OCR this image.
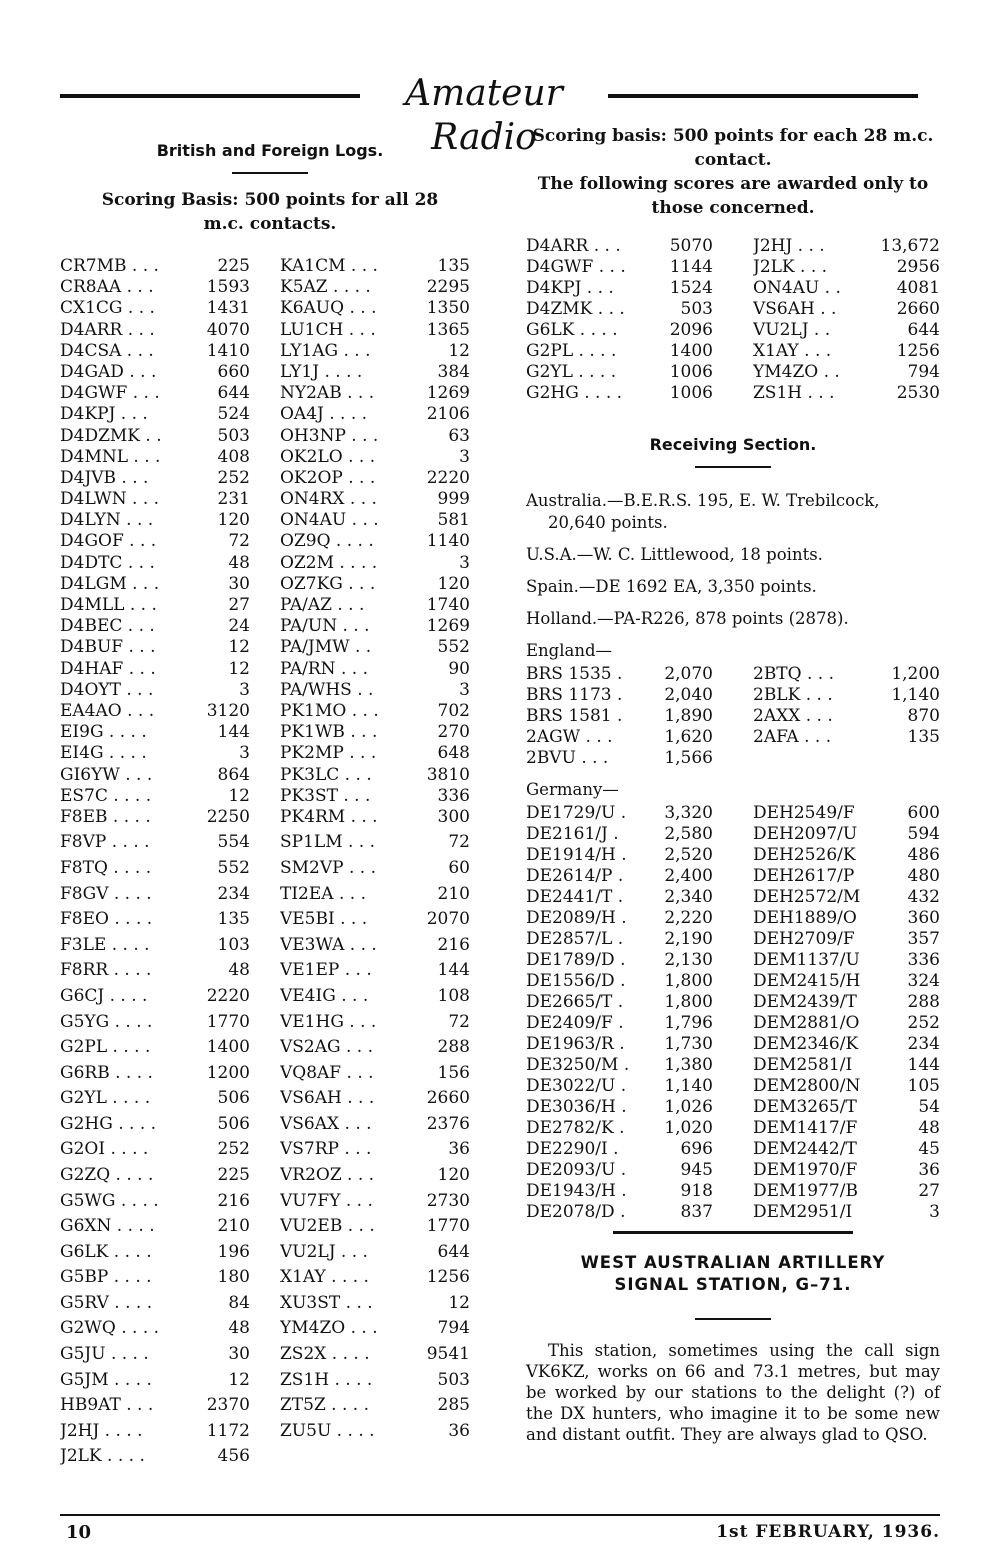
Amateur Radio
British and Foreign Logs.
Scoring Basis: 500 points for all 28 m.c. contacts.
CR7MB . . .	225
CR8AA . . .	1593
CX1CG . . .	1431
D4ARR . . .	4070
D4CSA . . .	1410
D4GAD . . .	660
D4GWF . . .	644
D4KPJ . . .	524
D4DZMK . .	503
D4MNL . . .	408
D4JVB . . .	252
D4LWN . . .	231
D4LYN . . .	120
D4GOF . . .	72
D4DTC . . .	48
D4LGM . . .	30
D4MLL . . .	27
D4BEC . . .	24
D4BUF . . .	12
D4HAF . . .	12
D4OYT . . .	3
EA4AO . . .	3120
EI9G . . . .	144
EI4G . . . .	3
GI6YW . . .	864
ES7C . . . .	12
F8EB . . . .	2250
F8VP . . . .	554
F8TQ . . . .	552
F8GV . . . .	234
F8EO . . . .	135
F3LE . . . .	103
F8RR . . . .	48
G6CJ . . . .	2220
G5YG . . . .	1770
G2PL . . . .	1400
G6RB . . . .	1200
G2YL . . . .	506
G2HG . . . .	506
G2OI . . . .	252
G2ZQ . . . .	225
G5WG . . . .	216
G6XN . . . .	210
G6LK . . . .	196
G5BP . . . .	180
G5RV . . . .	84
G2WQ . . . .	48
G5JU . . . .	30
G5JM . . . .	12
HB9AT . . .	2370
J2HJ . . . .	1172
J2LK . . . .	456
KA1CM . . .	135
K5AZ . . . .	2295
K6AUQ . . .	1350
LU1CH . . .	1365
LY1AG . . .	12
LY1J . . . .	384
NY2AB . . .	1269
OA4J . . . .	2106
OH3NP . . .	63
OK2LO . . .	3
OK2OP . . .	2220
ON4RX . . .	999
ON4AU . . .	581
OZ9Q . . . .	1140
OZ2M . . . .	3
OZ7KG . . .	120
PA/AZ . . .	1740
PA/UN . . .	1269
PA/JMW . .	552
PA/RN . . .	90
PA/WHS . .	3
PK1MO . . .	702
PK1WB . . .	270
PK2MP . . .	648
PK3LC . . .	3810
PK3ST . . .	336
PK4RM . . .	300
SP1LM . . .	72
SM2VP . . .	60
TI2EA . . .	210
VE5BI . . .	2070
VE3WA . . .	216
VE1EP . . .	144
VE4IG . . .	108
VE1HG . . .	72
VS2AG . . .	288
VQ8AF . . .	156
VS6AH . . .	2660
VS6AX . . .	2376
VS7RP . . .	36
VR2OZ . . .	120
VU7FY . . .	2730
VU2EB . . .	1770
VU2LJ . . .	644
X1AY . . . .	1256
XU3ST . . .	12
YM4ZO . . .	794
ZS2X . . . .	9541
ZS1H . . . .	503
ZT5Z . . . .	285
ZU5U . . . .	36
Scoring basis: 500 points for each 28 m.c. contact.
The following scores are awarded only to those concerned.
D4ARR . . .	5070
D4GWF . . .	1144
D4KPJ . . .	1524
D4ZMK . . .	503
G6LK . . . .	2096
G2PL . . . .	1400
G2YL . . . .	1006
G2HG . . . .	1006
J2HJ . . .	13,672
J2LK . . .	2956
ON4AU . .	4081
VS6AH . .	2660
VU2LJ . .	644
X1AY . . .	1256
YM4ZO . .	794
ZS1H . . .	2530
Receiving Section.

Australia.—B.E.R.S. 195, E. W. Trebilcock, 20,640 points.

U.S.A.—W. C. Littlewood, 18 points.

Spain.—DE 1692 EA, 3,350 points.

Holland.—PA-R226, 878 points (2878).

England—
BRS 1535 . 2,070
BRS 1173 . 2,040
BRS 1581 . 1,890
2AGW . . .	1,620
2BVU . . .	1,566
2BTQ . . .	1,200
2BLK . . .	1,140
2AXX . . .	870
2AFA . . .	135
Germany—
DE1729/U . 3,320
DE2161/J .	2,580
DE1914/H . 2,520
DE2614/P . 2,400
DE2441/T . 2,340
DE2089/H . 2,220
DE2857/L . 2,190
DE1789/D . 2,130
DE1556/D . 1,800
DE2665/T . 1,800
DE2409/F . 1,796
DE1963/R . 1,730
DE3250/M . 1,380
DE3022/U . 1,140
DE3036/H . 1,026
DE2782/K . 1,020
DE2290/I .	696
DE2093/U .	945
DE1943/H .	918
DE2078/D .	837
DEH2549/F	600
DEH2097/U	594
DEH2526/K	486
DEH2617/P	480
DEH2572/M	432
DEH1889/O	360
DEH2709/F	357
DEM1137/U	336
DEM2415/H	324
DEM2439/T	288
DEM2881/O	252
DEM2346/K	234
DEM2581/I	144
DEM2800/N	105
DEM3265/T	54
DEM1417/F	48
DEM2442/T	45
DEM1970/F	36
DEM1977/B	27
DEM2951/I	3
WEST AUSTRALIAN ARTILLERY
SIGNAL STATION, G–71.

This station, sometimes using the call sign VK6KZ, works on 66 and 73.1 metres, but may be worked by our stations to the delight (?) of the DX hunters, who imagine it to be some new and distant outfit. They are always glad to QSO.

10	1st FEBRUARY, 1936.
